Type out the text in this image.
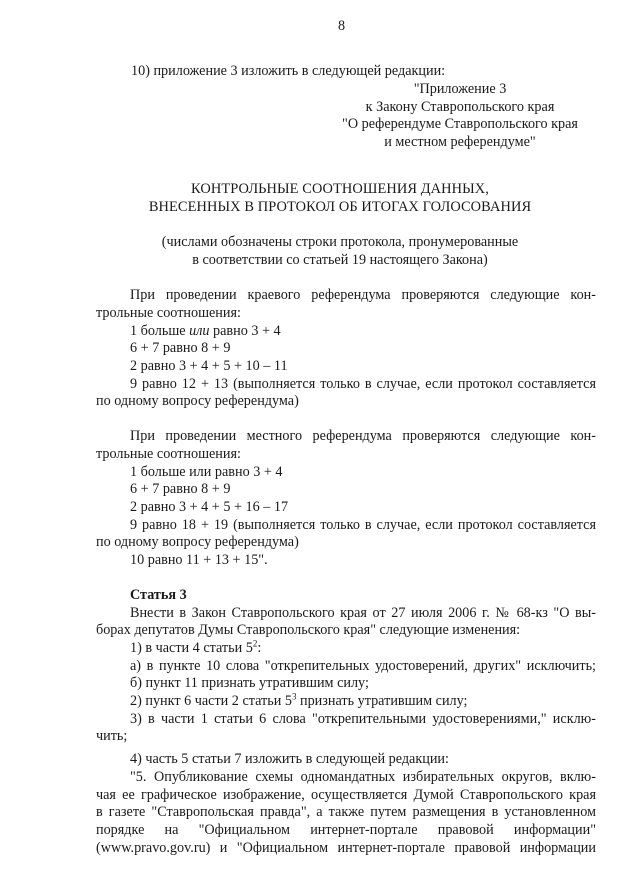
8
10) приложение 3 изложить в следующей редакции:
"Приложение 3
к Закону Ставропольского края
"О референдуме Ставропольского края
и местном референдуме"
КОНТРОЛЬНЫЕ СООТНОШЕНИЯ ДАННЫХ,
ВНЕСЕННЫХ В ПРОТОКОЛ ОБ ИТОГАХ ГОЛОСОВАНИЯ
(числами обозначены строки протокола, пронумерованные
в соответствии со статьей 19 настоящего Закона)
При проведении краевого референдума проверяются следующие кон-
трольные соотношения:
1 больше или равно 3 + 4
6 + 7 равно 8 + 9
2 равно 3 + 4 + 5 + 10 – 11
9 равно 12 + 13 (выполняется только в случае, если протокол составляется
по одному вопросу референдума)
При проведении местного референдума проверяются следующие кон-
трольные соотношения:
1 больше или равно 3 + 4
6 + 7 равно 8 + 9
2 равно 3 + 4 + 5 + 16 – 17
9 равно 18 + 19 (выполняется только в случае, если протокол составляется
по одному вопросу референдума)
10 равно 11 + 13 + 15".
Статья 3
Внести в Закон Ставропольского края от 27 июля 2006 г. № 68-кз "О вы-
борах депутатов Думы Ставропольского края" следующие изменения:
1) в части 4 статьи $5^2$:
а) в пункте 10 слова "открепительных удостоверений, других" исключить;
б) пункт 11 признать утратившим силу;
2) пункт 6 части 2 статьи $5^3$ признать утратившим силу;
3) в части 1 статьи 6 слова "открепительными удостоверениями," исклю-
чить;
4) часть 5 статьи 7 изложить в следующей редакции:
"5. Опубликование схемы одномандатных избирательных округов, вклю-
чая ее графическое изображение, осуществляется Думой Ставропольского края
в газете "Ставропольская правда", а также путем размещения в установленном
порядке на "Официальном интернет-портале правовой информации"
(www.pravo.gov.ru) и "Официальном интернет-портале правовой информации
